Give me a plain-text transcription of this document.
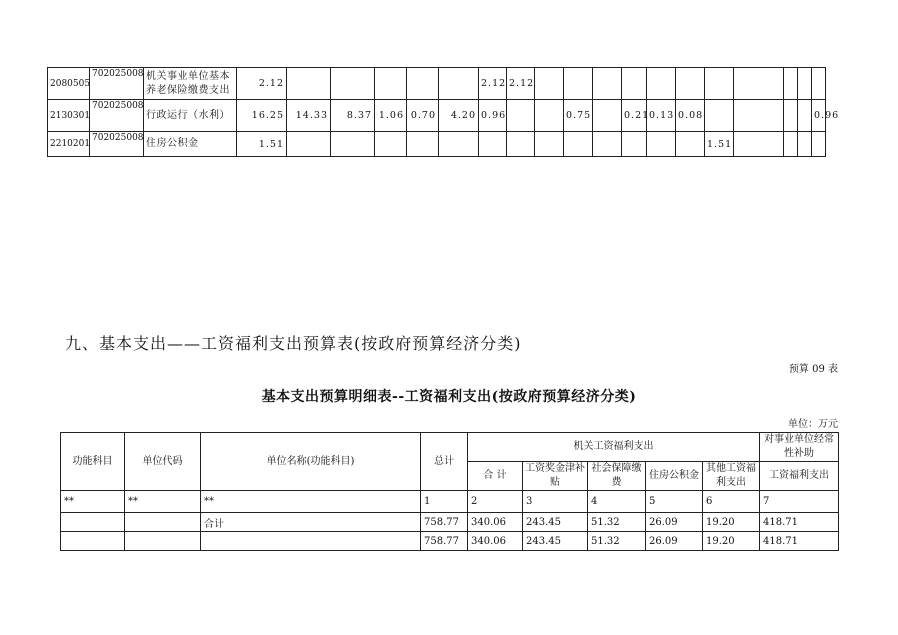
2080505	702025008	机关事业单位基本养老保险缴费支出	2.12						2.12	2.12											
2130301	702025008	行政运行（水利）	16.25	14.33	8.37	1.06	0.70	4.20	0.96			0.75		0.21	0.13	0.08					0.96
2210201	702025008	住房公积金	1.51														1.51				
九、基本支出——工资福利支出预算表(按政府预算经济分类)
预算 09 表
基本支出预算明细表--工资福利支出(按政府预算经济分类)
单位：万元
功能科目	单位代码	单位名称(功能科目)	总计	机关工资福利支出					对事业单位经常性补助
				合 计	工资奖金津补贴	社会保障缴费	住房公积金	其他工资福利支出	工资福利支出
**	**	**	1	2	3	4	5	6	7
		合计	758.77	340.06	243.45	51.32	26.09	19.20	418.71
			758.77	340.06	243.45	51.32	26.09	19.20	418.71
